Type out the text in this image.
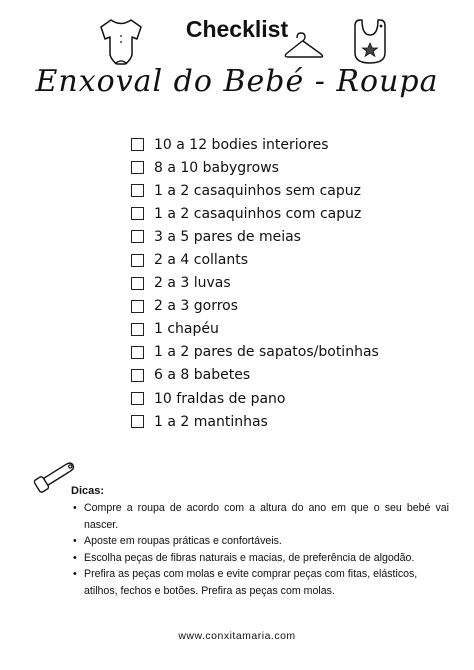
Checklist
Enxoval do Bebé - Roupa
10 a 12 bodies interiores
8 a 10 babygrows
1 a 2 casaquinhos sem capuz
1 a 2 casaquinhos com capuz
3 a 5 pares de meias
2 a 4 collants
2 a 3 luvas
2 a 3 gorros
1 chapéu
1 a 2 pares de sapatos/botinhas
6 a 8 babetes
10 fraldas de pano
1 a 2 mantinhas
Dicas:
• Compre a roupa de acordo com a altura do ano em que o seu bebé vai nascer.
• Aposte em roupas práticas e confortáveis.
• Escolha peças de fibras naturais e macias, de preferência de algodão.
• Prefira as peças com molas e evite comprar peças com fitas, elásticos, atilhos, fechos e botões. Prefira as peças com molas.
www.conxitamaria.com
